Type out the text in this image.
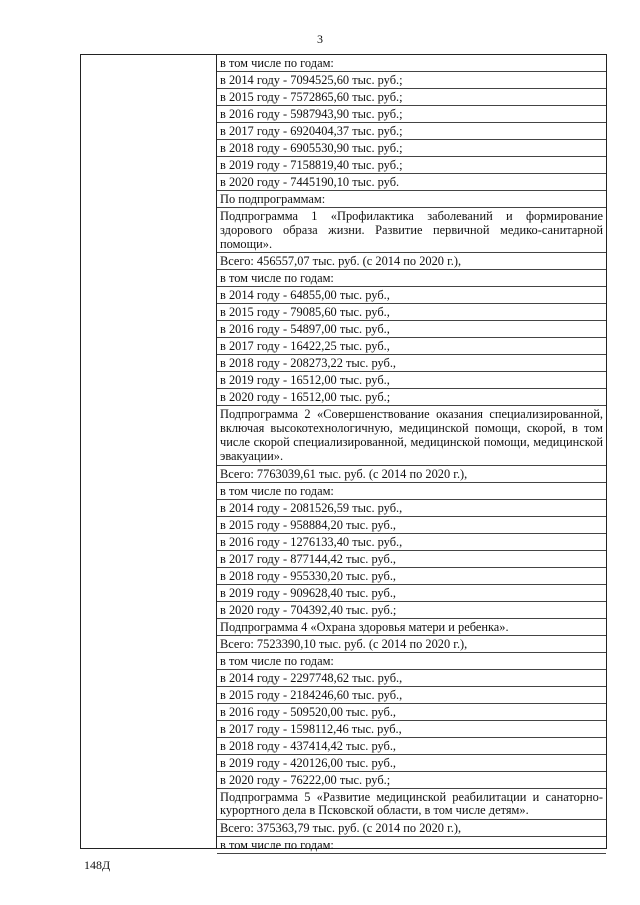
3
в том числе по годам:
в 2014 году - 7094525,60 тыс. руб.;
в 2015 году - 7572865,60 тыс. руб.;
в 2016 году - 5987943,90 тыс. руб.;
в 2017 году - 6920404,37 тыс. руб.;
в 2018 году - 6905530,90 тыс. руб.;
в 2019 году - 7158819,40 тыс. руб.;
в 2020 году - 7445190,10 тыс. руб.
По подпрограммам:
Подпрограмма 1 «Профилактика заболеваний и формирование здорового образа жизни. Развитие первичной медико-санитарной помощи».
Всего: 456557,07 тыс. руб. (с 2014 по 2020 г.),
в том числе по годам:
в 2014 году - 64855,00 тыс. руб.,
в 2015 году - 79085,60 тыс. руб.,
в 2016 году - 54897,00 тыс. руб.,
в 2017 году - 16422,25 тыс. руб.,
в 2018 году - 208273,22 тыс. руб.,
в 2019 году - 16512,00 тыс. руб.,
в 2020 году - 16512,00 тыс. руб.;
Подпрограмма 2 «Совершенствование оказания специализированной, включая высокотехнологичную, медицинской помощи, скорой, в том числе скорой специализированной, медицинской помощи, медицинской эвакуации».
Всего: 7763039,61 тыс. руб. (с 2014 по 2020 г.),
в том числе по годам:
в 2014 году - 2081526,59 тыс. руб.,
в 2015 году - 958884,20 тыс. руб.,
в 2016 году - 1276133,40 тыс. руб.,
в 2017 году - 877144,42 тыс. руб.,
в 2018 году - 955330,20 тыс. руб.,
в 2019 году - 909628,40 тыс. руб.,
в 2020 году - 704392,40 тыс. руб.;
Подпрограмма 4 «Охрана здоровья матери и ребенка».
Всего: 7523390,10 тыс. руб. (с 2014 по 2020 г.),
в том числе по годам:
в 2014 году - 2297748,62 тыс. руб.,
в 2015 году - 2184246,60 тыс. руб.,
в 2016 году - 509520,00 тыс. руб.,
в 2017 году - 1598112,46 тыс. руб.,
в 2018 году - 437414,42 тыс. руб.,
в 2019 году - 420126,00 тыс. руб.,
в 2020 году - 76222,00 тыс. руб.;
Подпрограмма 5 «Развитие медицинской реабилитации и санаторно-курортного дела в Псковской области, в том числе детям».
Всего: 375363,79 тыс. руб. (с 2014 по 2020 г.),
в том числе по годам:
148Д
